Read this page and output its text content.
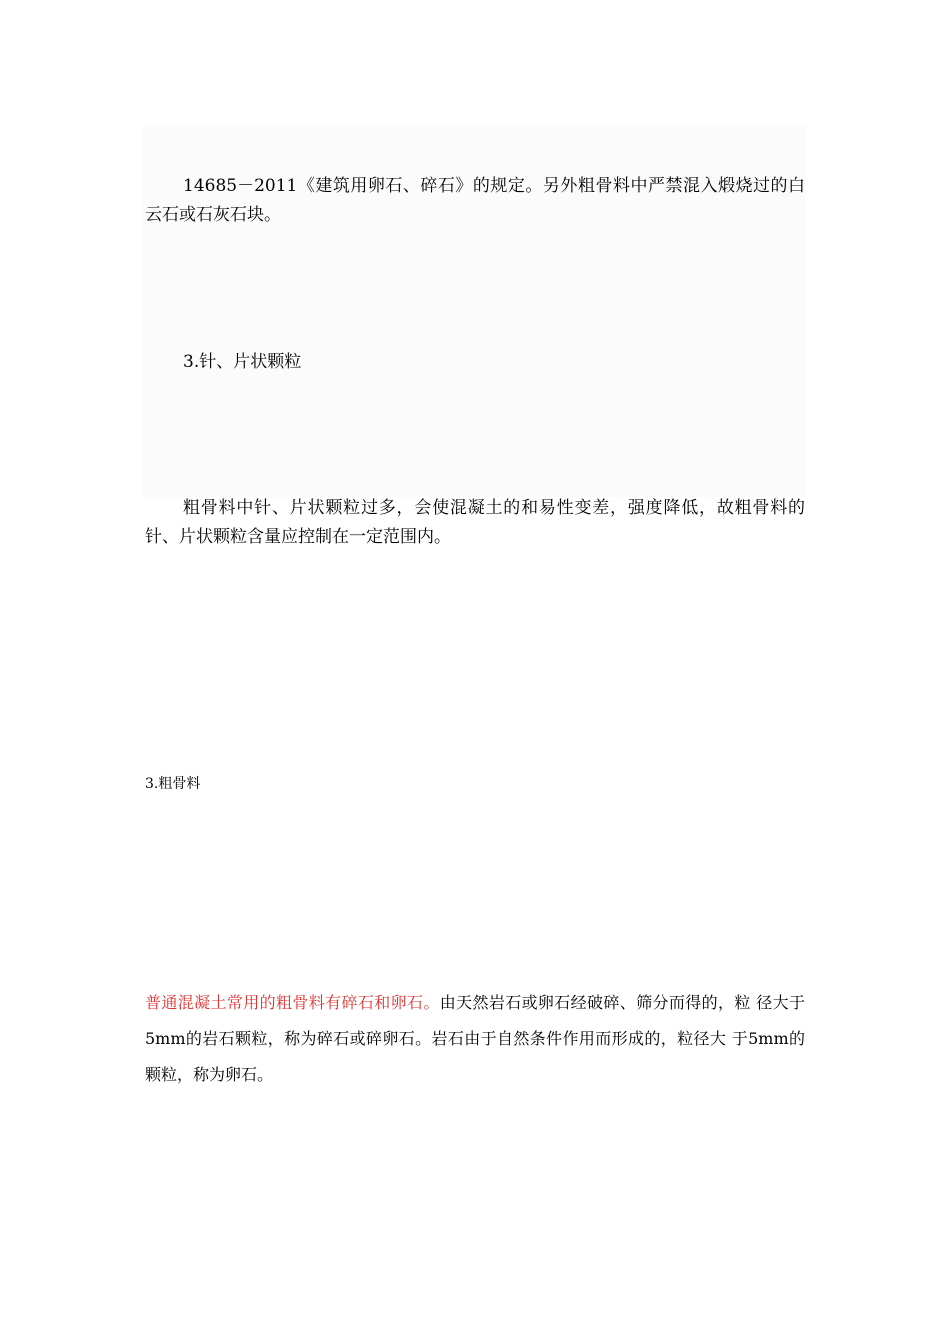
14685－2011《建筑用卵石、碎石》的规定。另外粗骨料中严禁混入煅烧过的白云石或石灰石块。

3.针、片状颗粒

粗骨料中针、片状颗粒过多，会使混凝土的和易性变差，强度降低，故粗骨料的针、片状颗粒含量应控制在一定范围内。

3.粗骨料

普通混凝土常用的粗骨料有碎石和卵石。由天然岩石或卵石经破碎、筛分而得的，粒 径大于5mm的岩石颗粒，称为碎石或碎卵石。岩石由于自然条件作用而形成的，粒径大 于5mm的颗粒，称为卵石。
